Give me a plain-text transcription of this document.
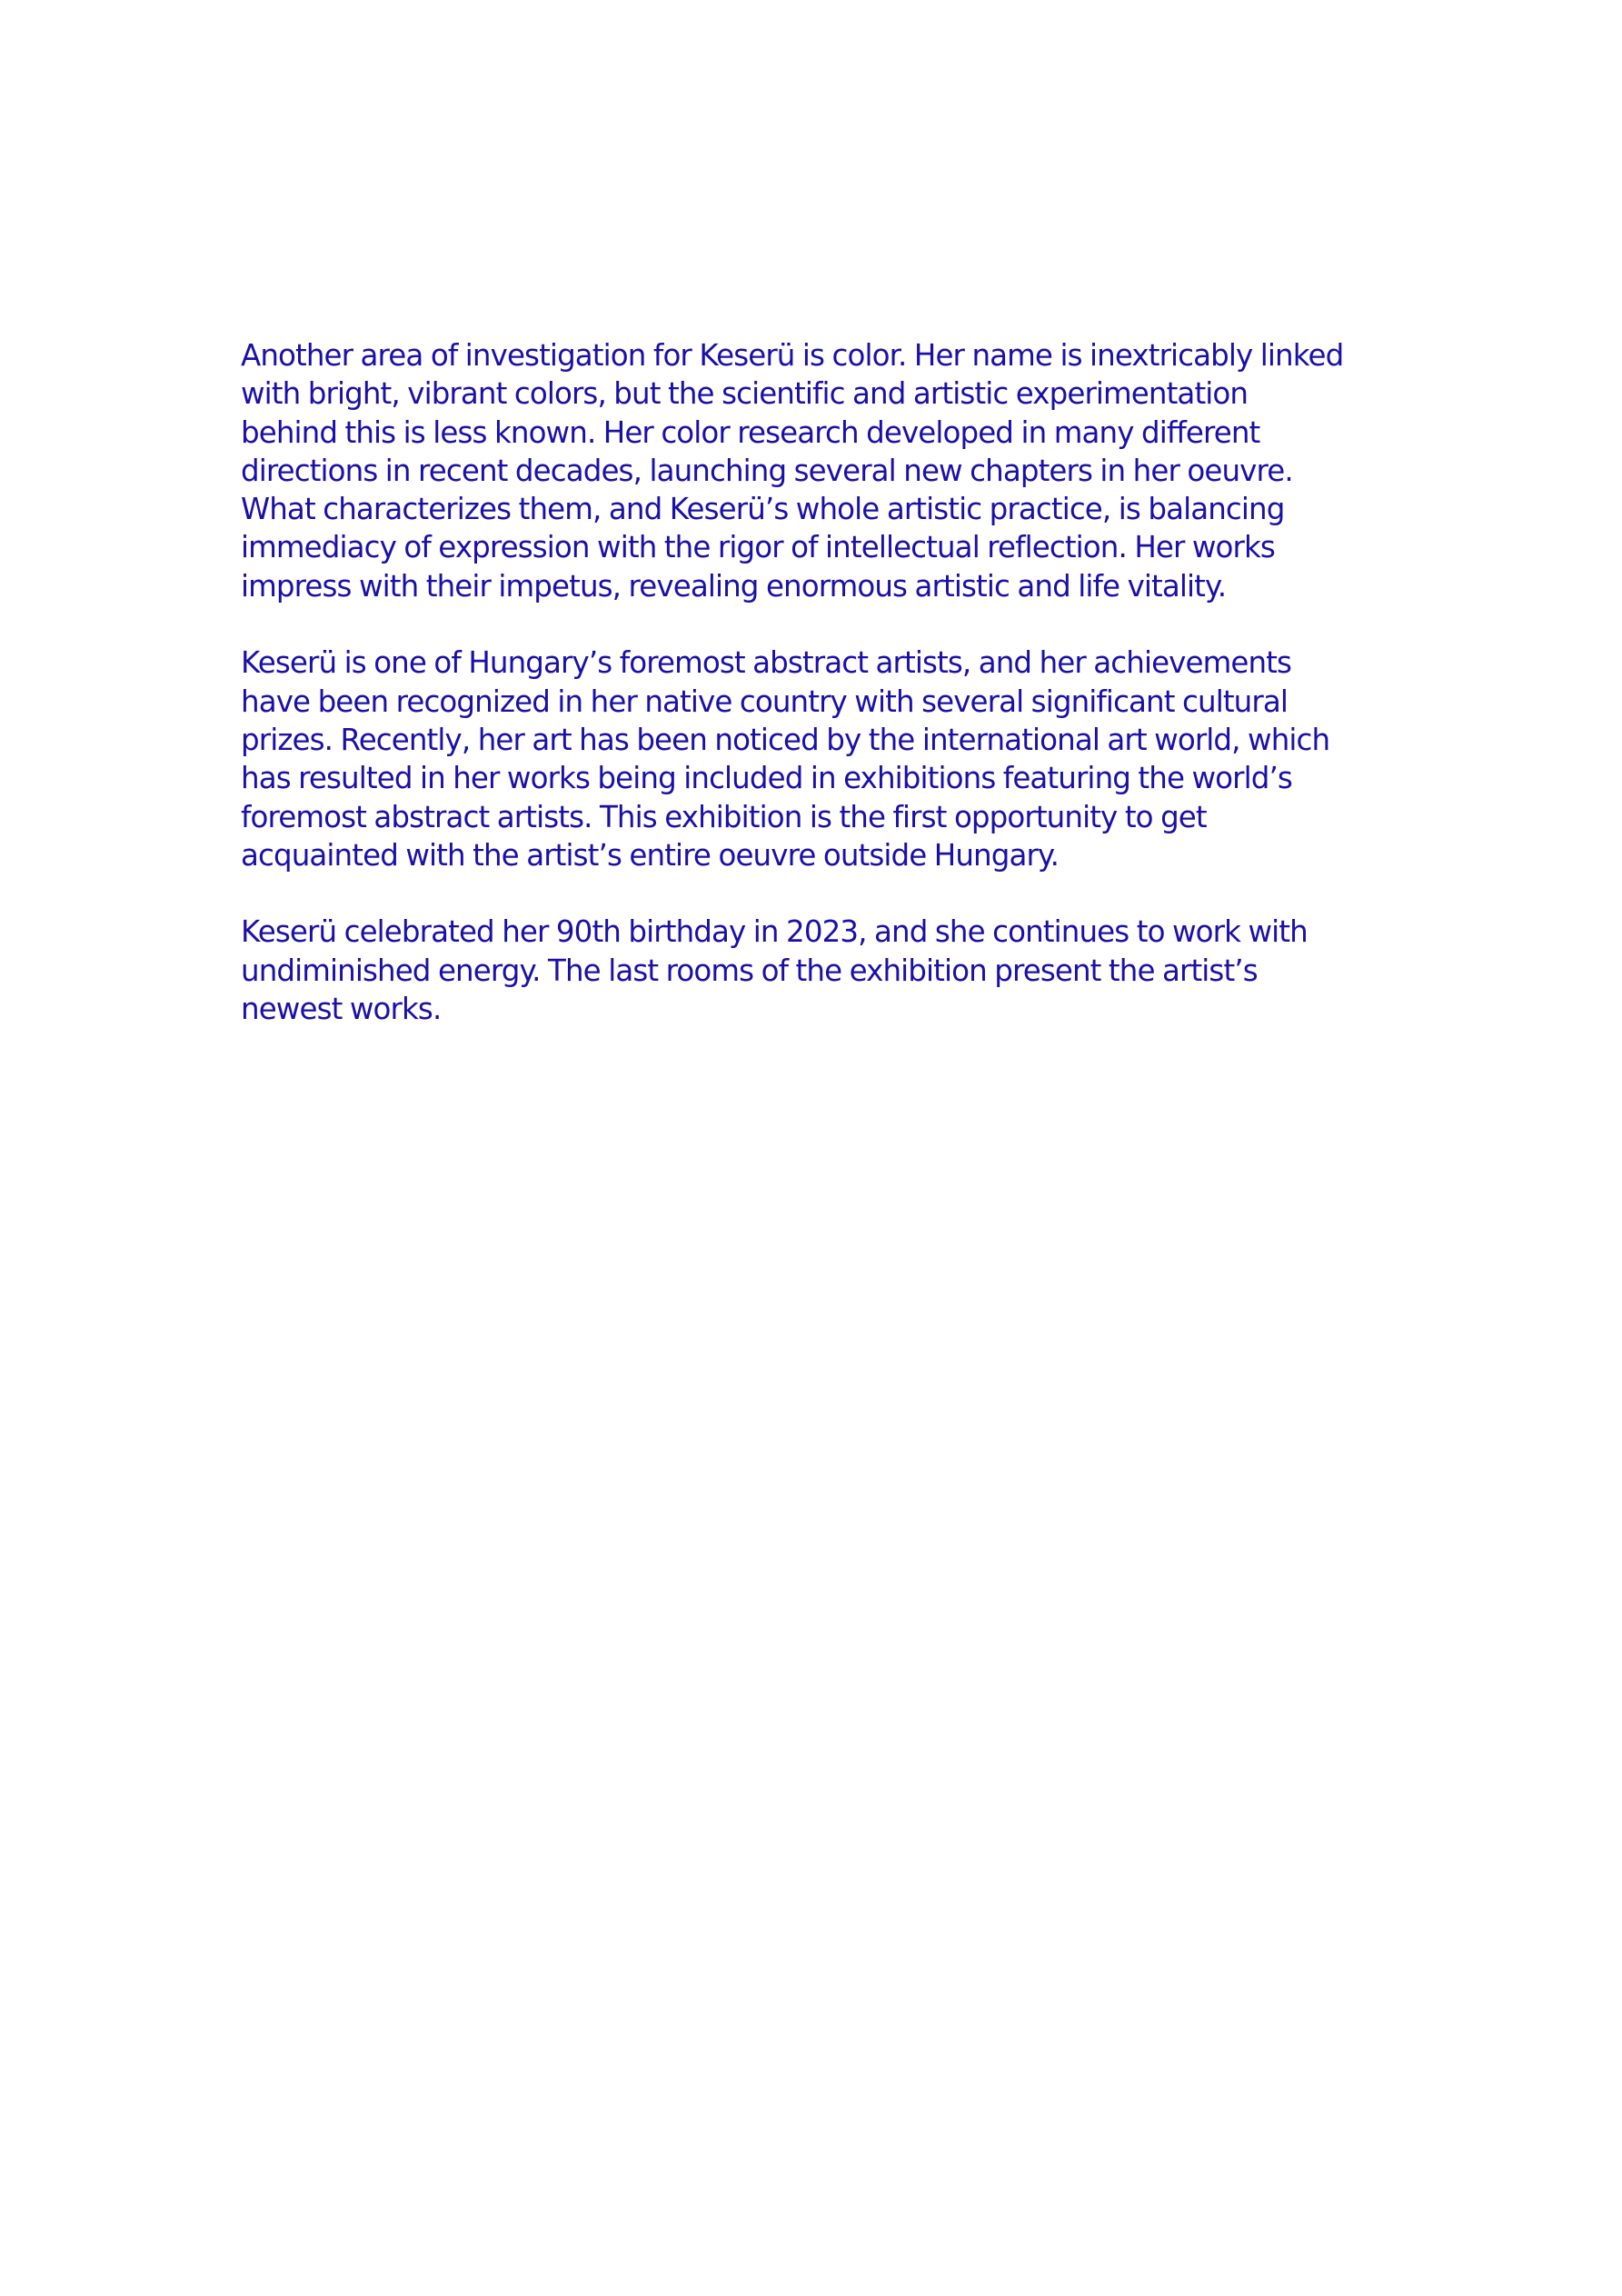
Another area of investigation for Keserü is color. Her name is inextricably linked
with bright, vibrant colors, but the scientific and artistic experimentation
behind this is less known. Her color research developed in many different
directions in recent decades, launching several new chapters in her oeuvre.
What characterizes them, and Keserü’s whole artistic practice, is balancing
immediacy of expression with the rigor of intellectual reflection. Her works
impress with their impetus, revealing enormous artistic and life vitality.

Keserü is one of Hungary’s foremost abstract artists, and her achievements
have been recognized in her native country with several significant cultural
prizes. Recently, her art has been noticed by the international art world, which
has resulted in her works being included in exhibitions featuring the world’s
foremost abstract artists. This exhibition is the first opportunity to get
acquainted with the artist’s entire oeuvre outside Hungary.

Keserü celebrated her 90th birthday in 2023, and she continues to work with
undiminished energy. The last rooms of the exhibition present the artist’s
newest works.
